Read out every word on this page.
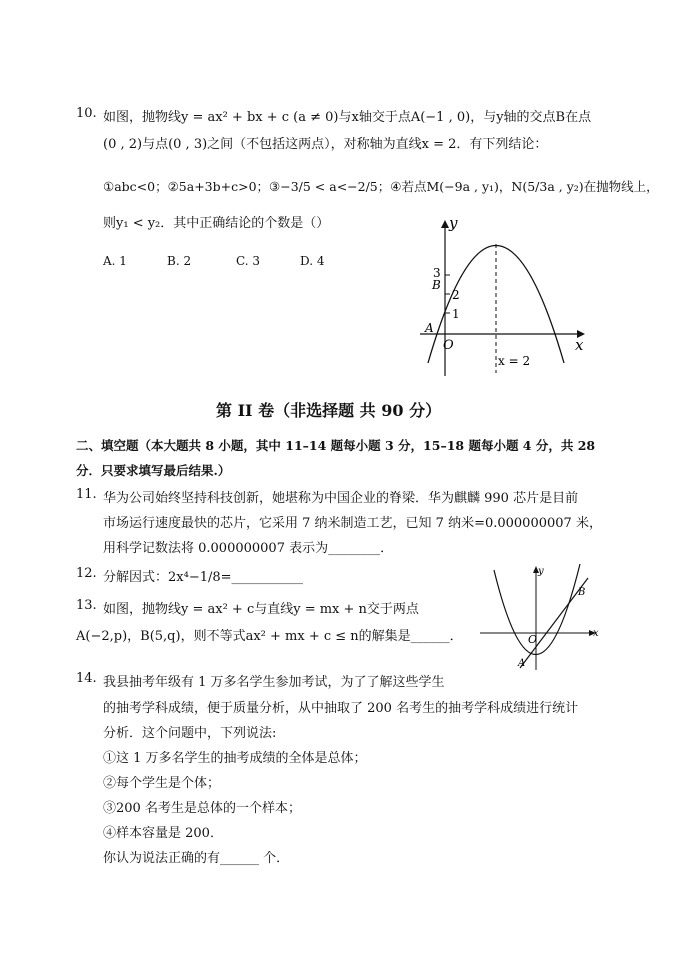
10. 如图，抛物线y = ax² + bx + c (a ≠ 0)与x轴交于点A(−1 , 0)，与y轴的交点B在点
(0 , 2)与点(0 , 3)之间（不包括这两点），对称轴为直线x = 2．有下列结论：
①abc<0；②5a+3b+c>0；③−3/5 < a<−2/5；④若点M(−9a , y₁)，N(5/3a , y₂)在抛物线上，
则y₁ < y₂．其中正确结论的个数是（）
A. 1	B. 2	C. 3	D. 4
y
x
O
A
B
3
2
1
x = 2
第 II 卷（非选择题 共 90 分）
二、填空题（本大题共 8 小题，其中 11–14 题每小题 3 分，15–18 题每小题 4 分，共 28
分．只要求填写最后结果.）
11. 华为公司始终坚持科技创新，她堪称为中国企业的脊梁．华为麒麟 990 芯片是目前
市场运行速度最快的芯片，它采用 7 纳米制造工艺，已知 7 纳米=0.000000007 米，
用科学记数法将 0.000000007 表示为________．
12. 分解因式：2x⁴−1/8=___________
13. 如图，抛物线y = ax² + c与直线y = mx + n交于两点
A(−2,p)，B(5,q)，则不等式ax² + mx + c ≤ n的解集是______．
y
x
O
A
B
14. 我县抽考年级有 1 万多名学生参加考试，为了了解这些学生
的抽考学科成绩，便于质量分析，从中抽取了 200 名考生的抽考学科成绩进行统计
分析．这个问题中，下列说法:
①这 1 万多名学生的抽考成绩的全体是总体；
②每个学生是个体；
③200 名考生是总体的一个样本；
④样本容量是 200．
你认为说法正确的有______ 个．
